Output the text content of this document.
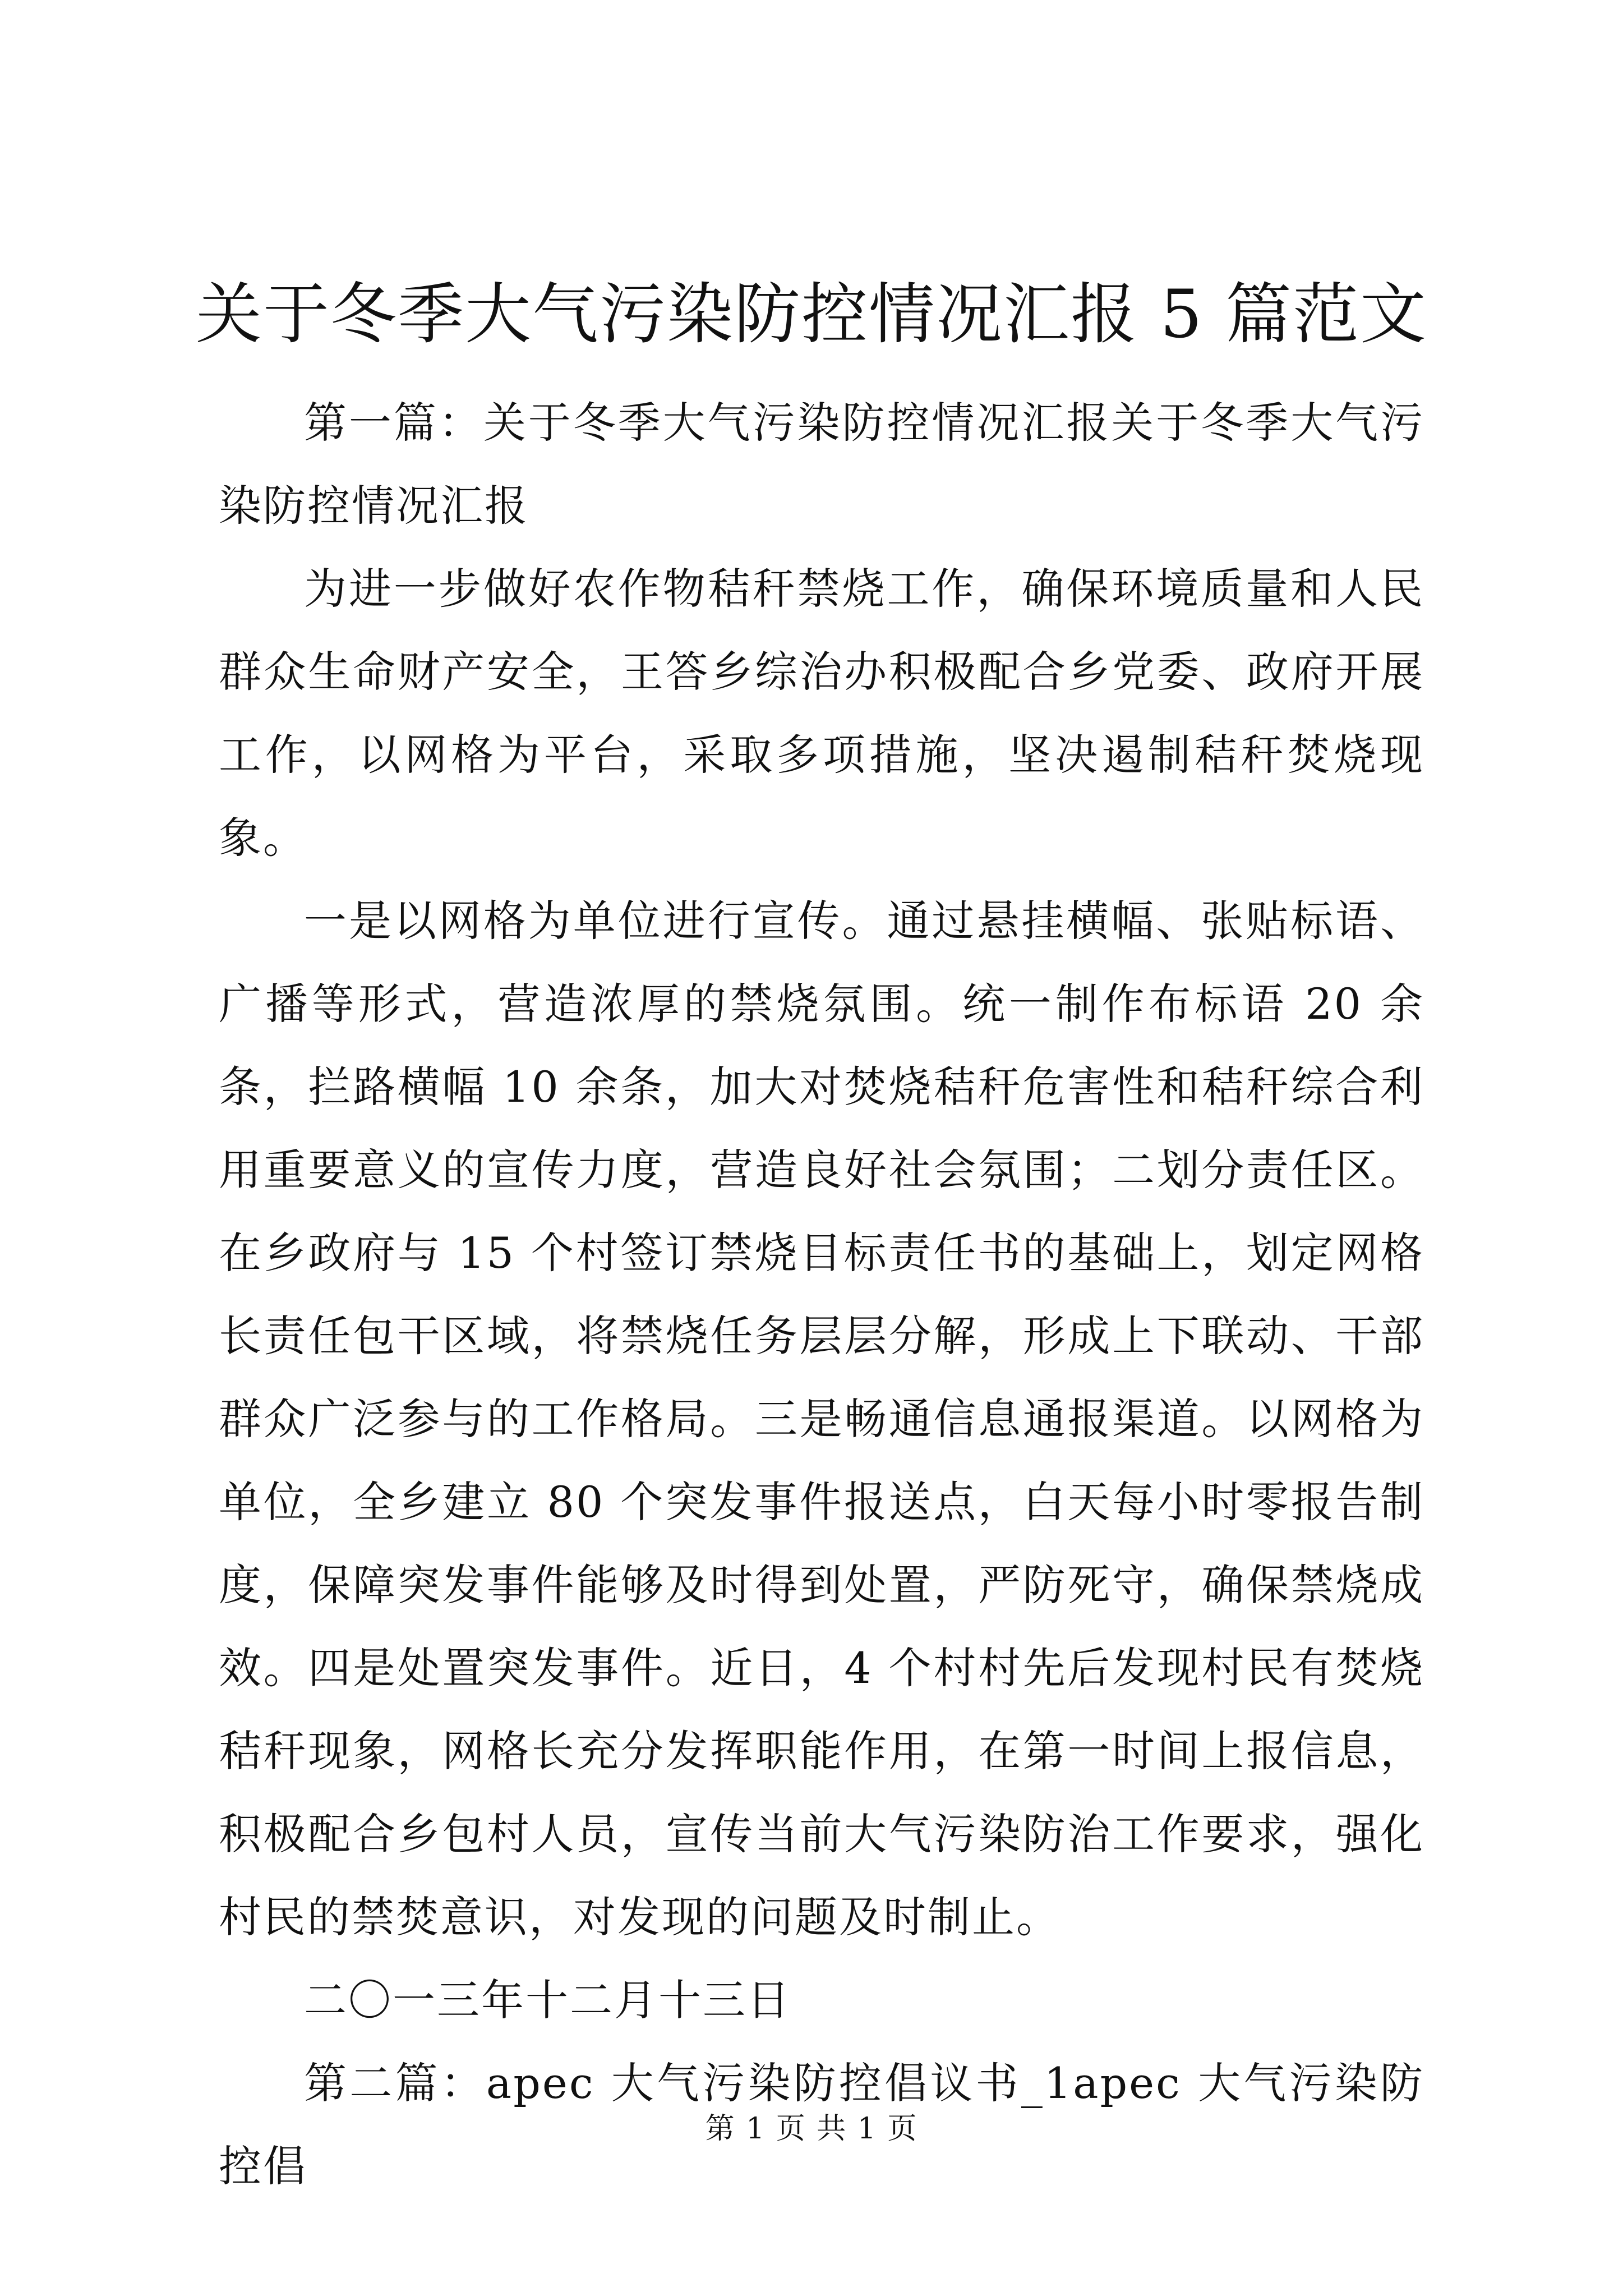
关于冬季大气污染防控情况汇报 5 篇范文

第一篇：关于冬季大气污染防控情况汇报关于冬季大气污染防控情况汇报

为进一步做好农作物秸秆禁烧工作，确保环境质量和人民群众生命财产安全，王答乡综治办积极配合乡党委、政府开展工作，以网格为平台，采取多项措施，坚决遏制秸秆焚烧现象。

一是以网格为单位进行宣传。通过悬挂横幅、张贴标语、广播等形式，营造浓厚的禁烧氛围。统一制作布标语 20 余条，拦路横幅 10 余条，加大对焚烧秸秆危害性和秸秆综合利用重要意义的宣传力度，营造良好社会氛围；二划分责任区。在乡政府与 15 个村签订禁烧目标责任书的基础上，划定网格长责任包干区域，将禁烧任务层层分解，形成上下联动、干部群众广泛参与的工作格局。三是畅通信息通报渠道。以网格为单位，全乡建立 80 个突发事件报送点，白天每小时零报告制度，保障突发事件能够及时得到处置，严防死守，确保禁烧成效。四是处置突发事件。近日，4 个村村先后发现村民有焚烧秸秆现象，网格长充分发挥职能作用，在第一时间上报信息，积极配合乡包村人员，宣传当前大气污染防治工作要求，强化村民的禁焚意识，对发现的问题及时制止。

二〇一三年十二月十三日

第二篇：apec 大气污染防控倡议书_1apec 大气污染防控倡

第 1 页 共 1 页
